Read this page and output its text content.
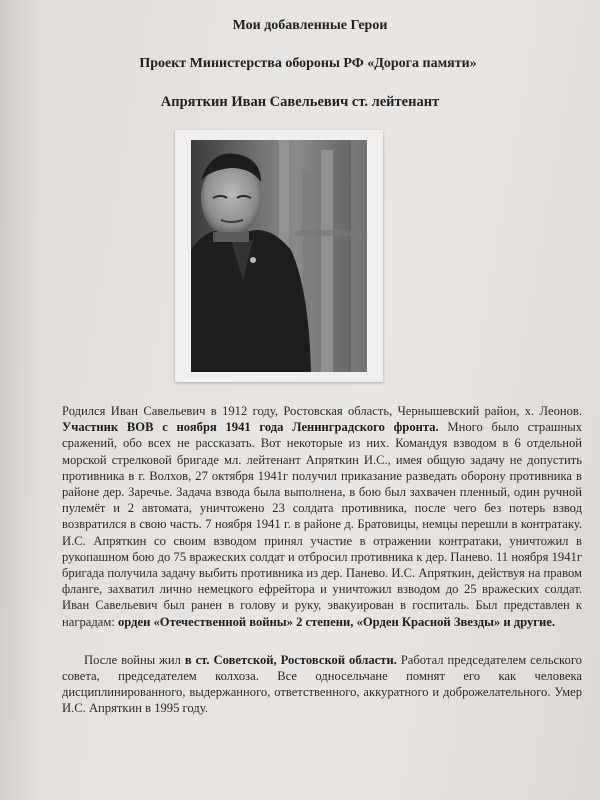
Мои добавленные Герои
Проект Министерства обороны РФ «Дорога памяти»
Апряткин Иван Савельевич ст. лейтенант

Родился Иван Савельевич в 1912 году, Ростовская область, Чернышевский район, х. Леонов. Участник ВОВ с ноября 1941 года Ленинградского фронта. Много было страшных сражений, обо всех не рассказать. Вот некоторые из них. Командуя взводом в 6 отдельной морской стрелковой бригаде мл. лейтенант Апряткин И.С., имея общую задачу не допустить противника в г. Волхов, 27 октября 1941г получил приказание разведать оборону противника в районе дер. Заречье. Задача взвода была выполнена, в бою был захвачен пленный, один ручной пулемёт и 2 автомата, уничтожено 23 солдата противника, после чего без потерь взвод возвратился в свою часть. 7 ноября 1941 г. в районе д. Братовицы, немцы перешли в контратаку. И.С. Апряткин со своим взводом принял участие в отражении контратаки, уничтожил в рукопашном бою до 75 вражеских солдат и отбросил противника к дер. Панево. 11 ноября 1941г бригада получила задачу выбить противника из дер. Панево. И.С. Апряткин, действуя на правом фланге, захватил лично немецкого ефрейтора и уничтожил взводом до 25 вражеских солдат. Иван Савельевич был ранен в голову и руку, эвакуирован в госпиталь. Был представлен к наградам: орден «Отечественной войны» 2 степени, «Орден Красной Звезды» и другие.

После войны жил в ст. Советской, Ростовской области. Работал председателем сельского совета, председателем колхоза. Все односельчане помнят его как человека дисциплинированного, выдержанного, ответственного, аккуратного и доброжелательного. Умер И.С. Апряткин в 1995 году.
